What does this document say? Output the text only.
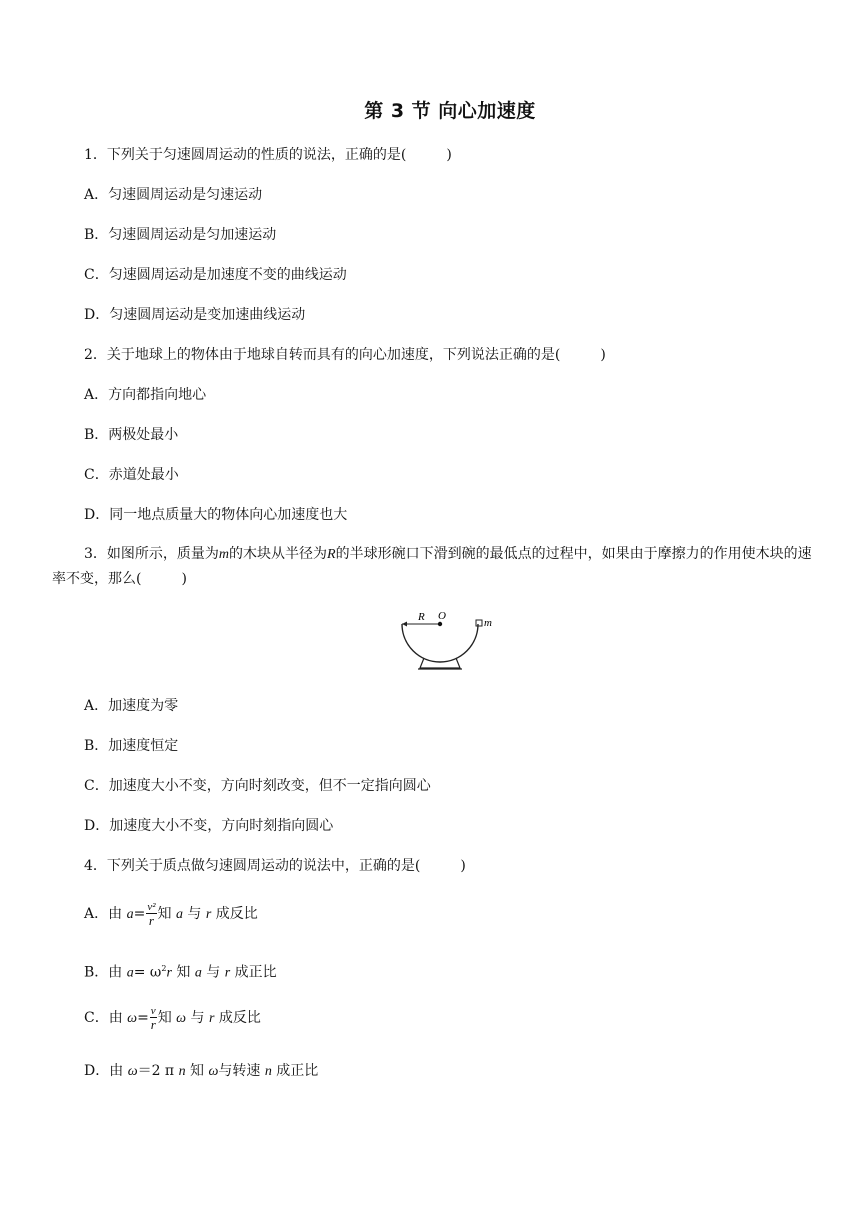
第 3 节 向心加速度
1．下列关于匀速圆周运动的性质的说法，正确的是(	)
A．匀速圆周运动是匀速运动
B．匀速圆周运动是匀加速运动
C．匀速圆周运动是加速度不变的曲线运动
D．匀速圆周运动是变加速曲线运动
2．关于地球上的物体由于地球自转而具有的向心加速度，下列说法正确的是(	)
A．方向都指向地心
B．两极处最小
C．赤道处最小
D．同一地点质量大的物体向心加速度也大
3．如图所示，质量为m的木块从半径为R的半球形碗口下滑到碗的最低点的过程中，如果由于摩擦力的作用使木块的速率不变，那么(	)
R O
m
A．加速度为零
B．加速度恒定
C．加速度大小不变，方向时刻改变，但不一定指向圆心
D．加速度大小不变，方向时刻指向圆心
4．下列关于质点做匀速圆周运动的说法中，正确的是(	)
A．由 $a= \frac{\text{v²}}{r}$ 知 a 与 r 成反比
B．由 $a= \omega^2r$ 知 a 与 r 成正比
C．由 $\omega= \frac{v}{r}$ 知 ω 与 r 成反比
D．由 ω＝2 π n 知 ω与转速 n 成正比
